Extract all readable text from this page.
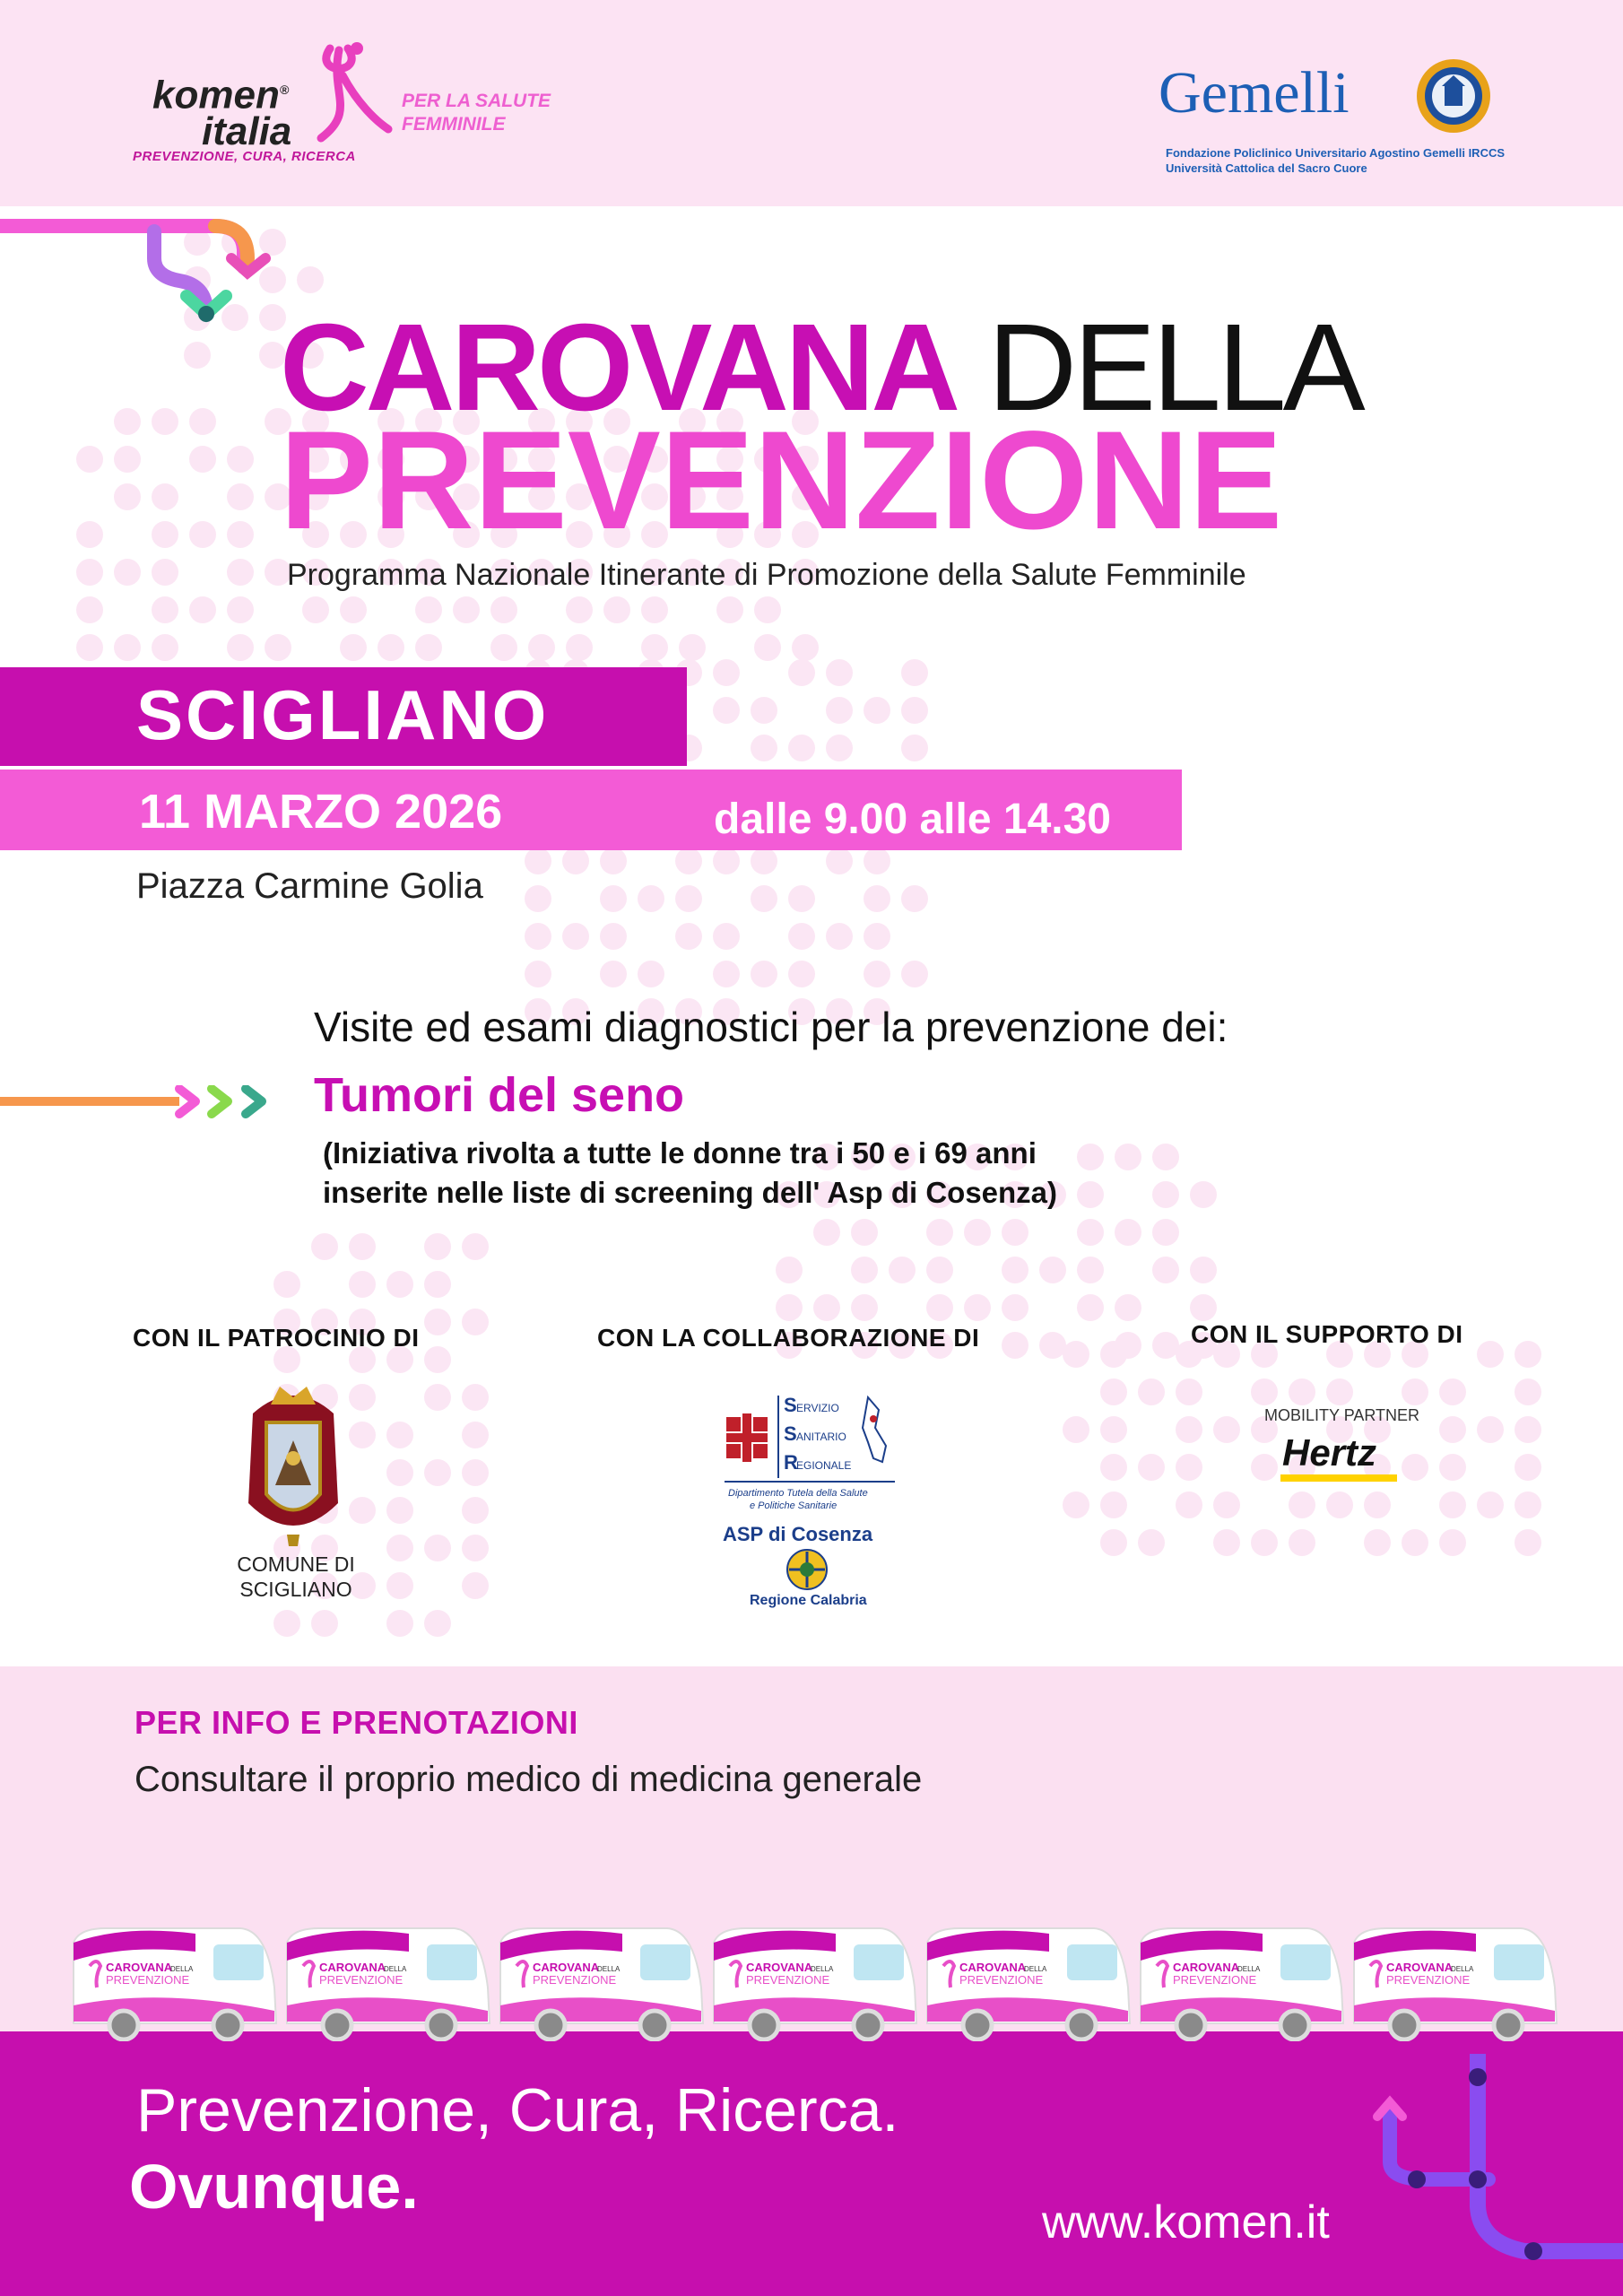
komen®
italia
PREVENZIONE, CURA, RICERCA
PER LA SALUTE
FEMMINILE	Gemelli
Fondazione Policlinico Universitario Agostino Gemelli IRCCS
Università Cattolica del Sacro Cuore
CAROVANA DELLA
PREVENZIONE
Programma Nazionale Itinerante di Promozione della Salute Femminile
SCIGLIANO
11 MARZO 2026	dalle 9.00 alle 14.30
Piazza Carmine Golia
Visite ed esami diagnostici per la prevenzione dei:
Tumori del seno
(Iniziativa rivolta a tutte le donne tra i 50 e i 69 anni
inserite nelle liste di screening dell' Asp di Cosenza)
CON IL PATROCINIO DI	CON LA COLLABORAZIONE DI	CON IL SUPPORTO DI
COMUNE DI
SCIGLIANO
S ERVIZIO
S ANITARIO
R
EGIONALE
Dipartimento Tutela della Salute
e Politiche Sanitarie
ASP di Cosenza
Regione Calabria
MOBILITY PARTNER
Hertz
PER INFO E PRENOTAZIONI
Consultare il proprio medico di medicina generale
CAROVANA
DELLA
PREVENZIONE
CAROVANA
DELLA
PREVENZIONE
CAROVANA
DELLA
PREVENZIONE
CAROVANA
DELLA
PREVENZIONE
CAROVANA
DELLA
PREVENZIONE
CAROVANA
DELLA
PREVENZIONE
CAROVANA
DELLA
PREVENZIONE
Prevenzione, Cura, Ricerca.
Ovunque.
www.komen.it
